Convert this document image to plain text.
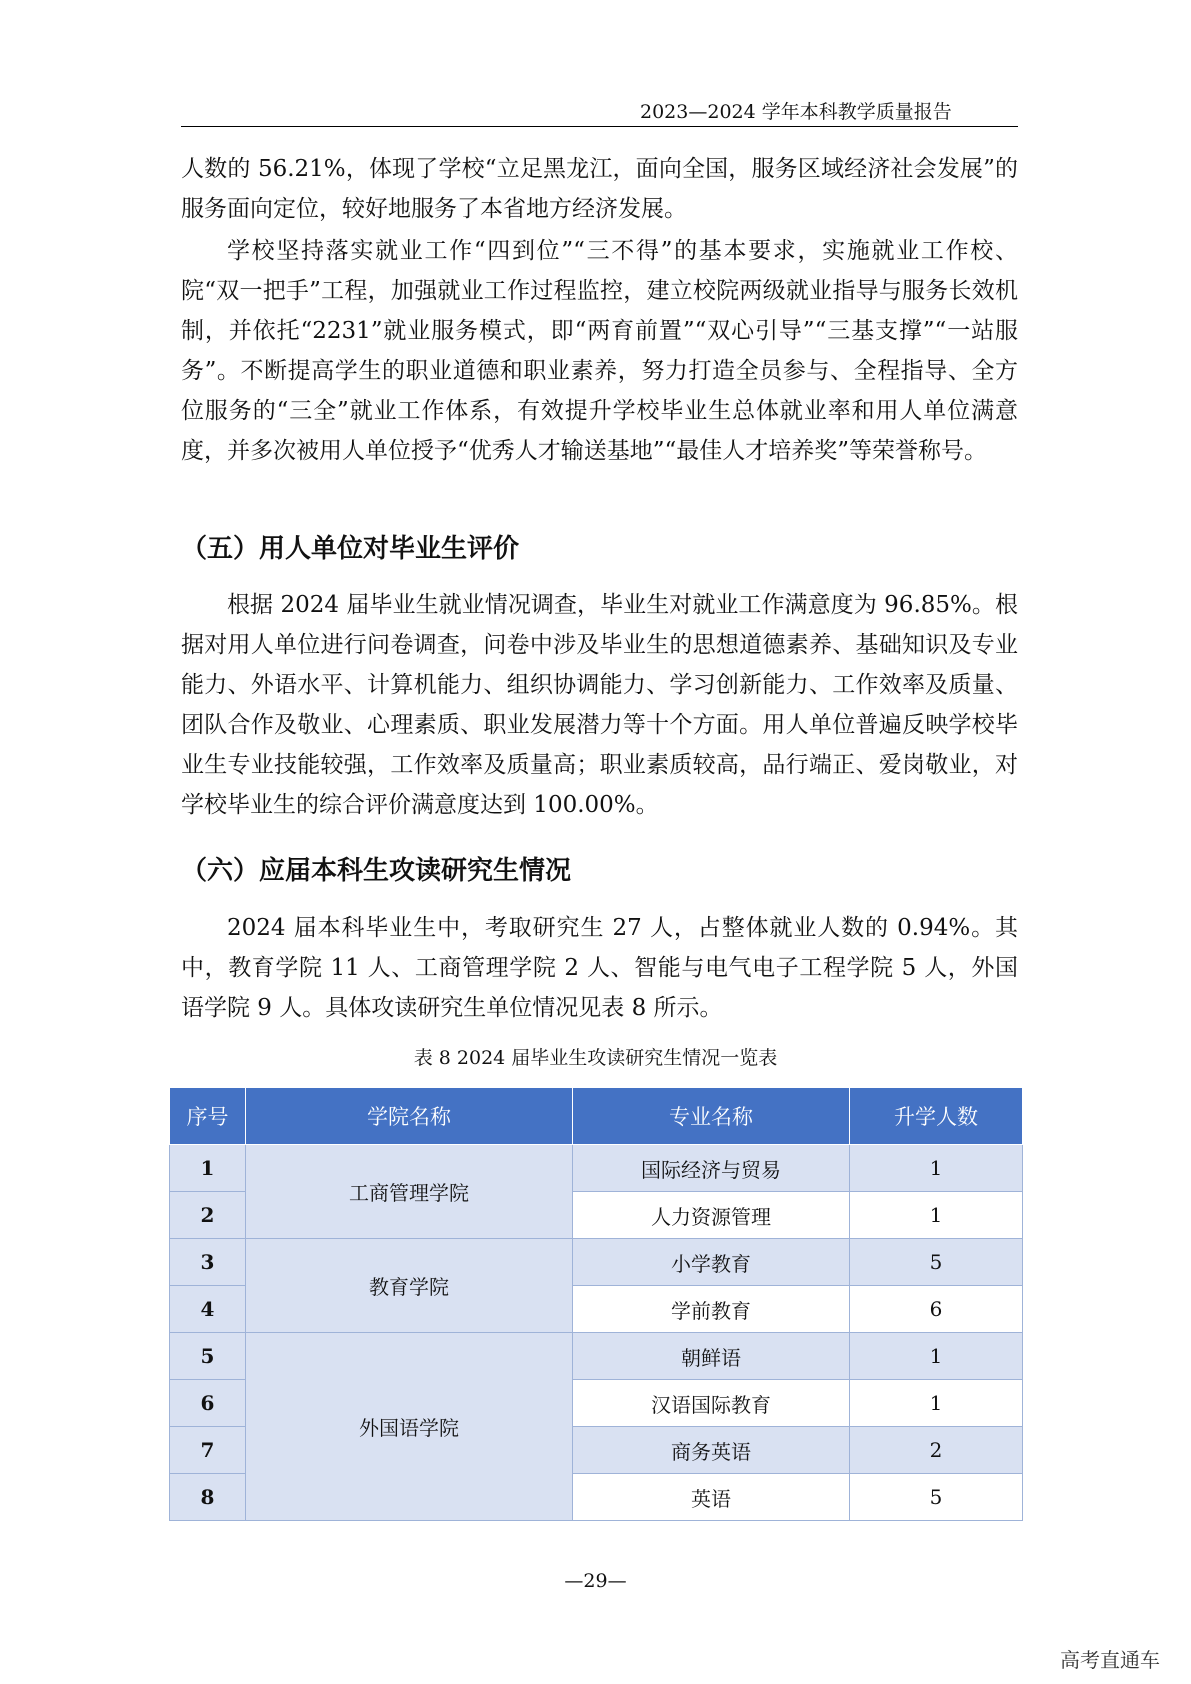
2023—2024 学年本科教学质量报告

人数的 56.21%，体现了学校“立足黑龙江，面向全国，服务区域经济社会发展”的服务面向定位，较好地服务了本省地方经济发展。

学校坚持落实就业工作“四到位”“三不得”的基本要求，实施就业工作校、院“双一把手”工程，加强就业工作过程监控，建立校院两级就业指导与服务长效机制，并依托“2231”就业服务模式，即“两育前置”“双心引导”“三基支撑”“一站服务”。不断提高学生的职业道德和职业素养，努力打造全员参与、全程指导、全方位服务的“三全”就业工作体系，有效提升学校毕业生总体就业率和用人单位满意度，并多次被用人单位授予“优秀人才输送基地”“最佳人才培养奖”等荣誉称号。

（五）用人单位对毕业生评价

根据 2024 届毕业生就业情况调查，毕业生对就业工作满意度为 96.85%。根据对用人单位进行问卷调查，问卷中涉及毕业生的思想道德素养、基础知识及专业能力、外语水平、计算机能力、组织协调能力、学习创新能力、工作效率及质量、团队合作及敬业、心理素质、职业发展潜力等十个方面。用人单位普遍反映学校毕业生专业技能较强，工作效率及质量高；职业素质较高，品行端正、爱岗敬业，对学校毕业生的综合评价满意度达到 100.00%。

（六）应届本科生攻读研究生情况

2024 届本科毕业生中，考取研究生 27 人，占整体就业人数的 0.94%。其中，教育学院 11 人、工商管理学院 2 人、智能与电气电子工程学院 5 人，外国语学院 9 人。具体攻读研究生单位情况见表 8 所示。

表 8 2024 届毕业生攻读研究生情况一览表
序号	学院名称	专业名称	升学人数
1	工商管理学院	国际经济与贸易	1
2		人力资源管理	1
3	教育学院	小学教育	5
4		学前教育	6
5	外国语学院	朝鲜语	1
6		汉语国际教育	1
7		商务英语	2
8		英语	5
—29—
高考直通车
